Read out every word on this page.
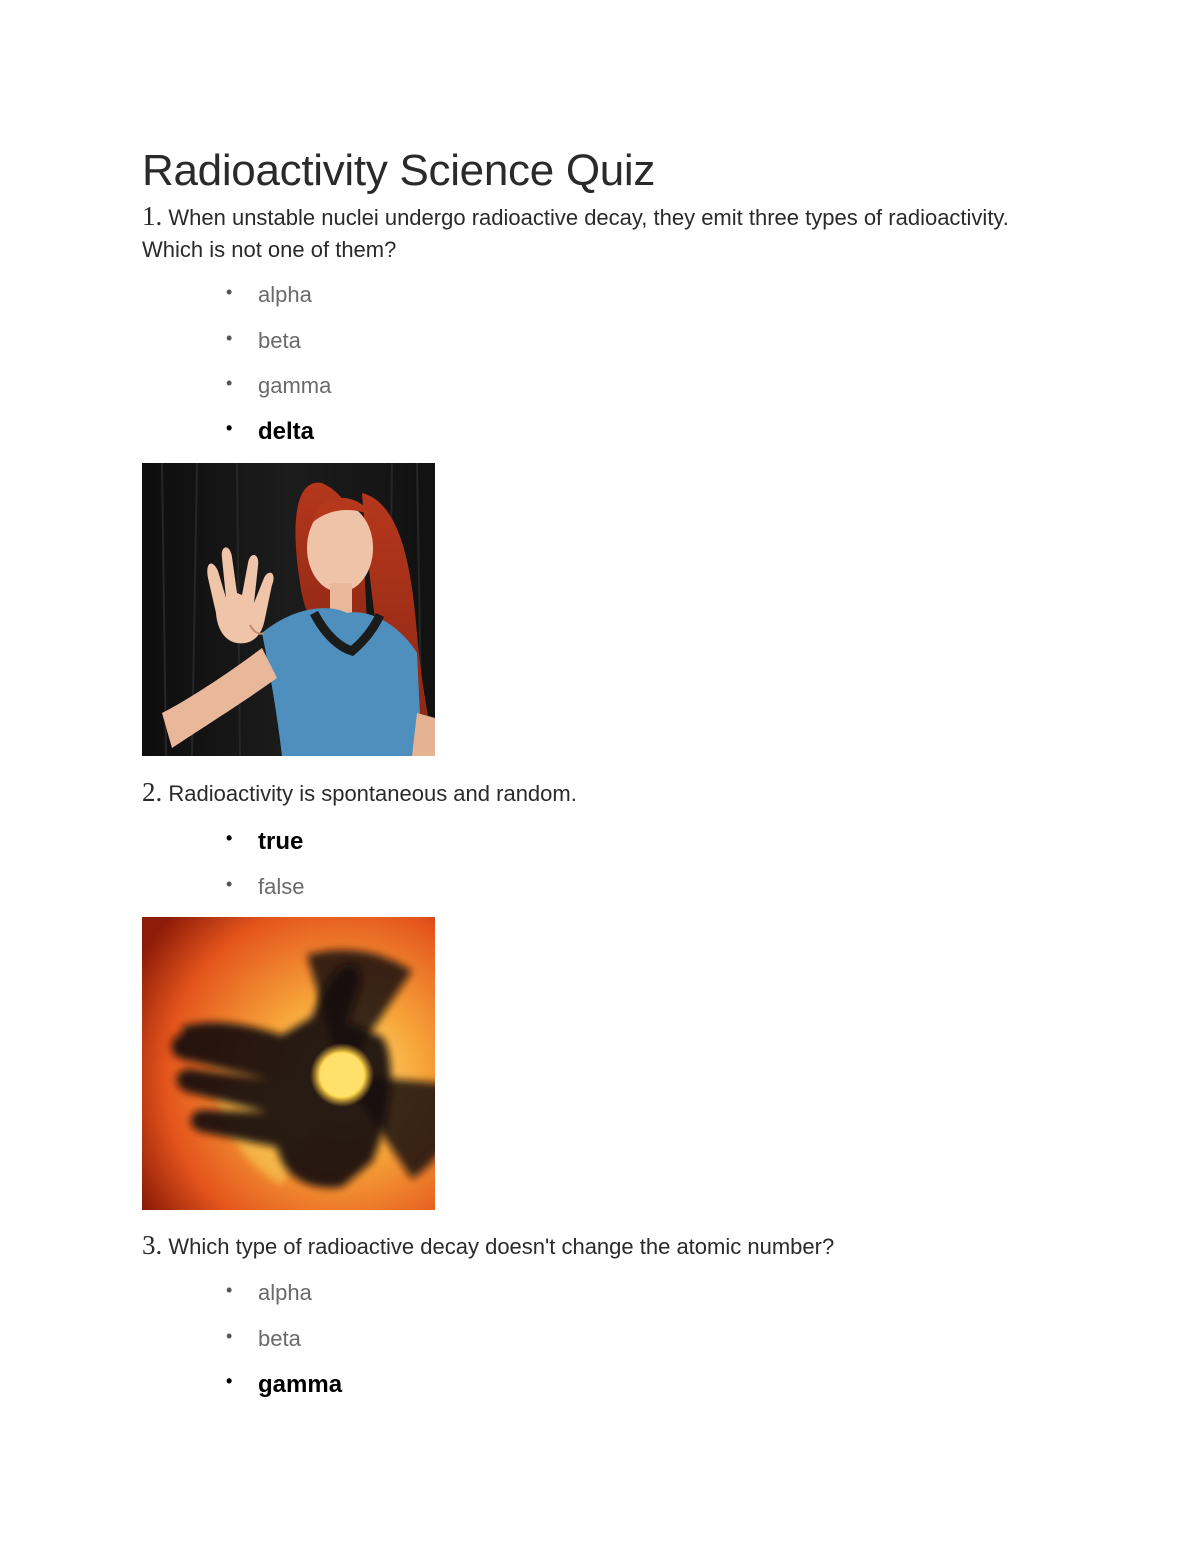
Radioactivity Science Quiz

1. When unstable nuclei undergo radioactive decay, they emit three types of radioactivity. Which is not one of them?

•	alpha
•	beta
•	gamma
•	delta

2. Radioactivity is spontaneous and random.

•	true
•	false

3. Which type of radioactive decay doesn't change the atomic number?

•	alpha
•	beta
•	gamma
